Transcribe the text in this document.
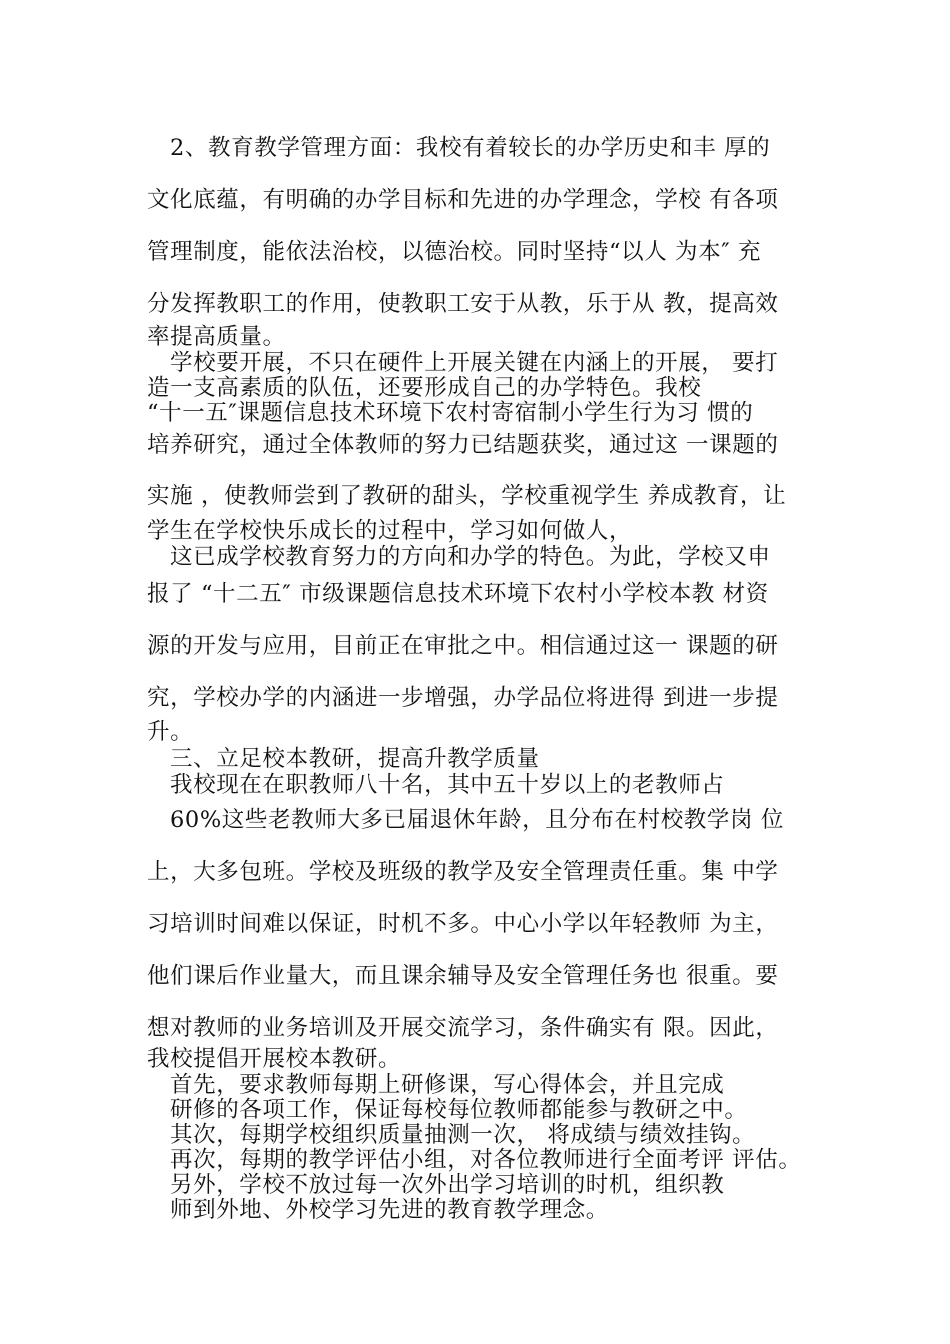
2、教育教学管理方面：我校有着较长的办学历史和丰 厚的
文化底蕴，有明确的办学目标和先进的办学理念，学校 有各项
管理制度，能依法治校，以德治校。同时坚持“以人 为本″ 充
分发挥教职工的作用，使教职工安于从教，乐于从 教，提高效
率提高质量。
学校要开展，不只在硬件上开展关键在内涵上的开展， 要打
造一支高素质的队伍，还要形成自己的办学特色。我校
“十一五″课题信息技术环境下农村寄宿制小学生行为习 惯的
培养研究，通过全体教师的努力已结题获奖，通过这 一课题的
实施 ，使教师尝到了教研的甜头，学校重视学生 养成教育，让
学生在学校快乐成长的过程中，学习如何做人，
这已成学校教育努力的方向和办学的特色。为此，学校又申
报了 “十二五″ 市级课题信息技术环境下农村小学校本教 材资
源的开发与应用，目前正在审批之中。相信通过这一 课题的研
究，学校办学的内涵进一步增强，办学品位将进得 到进一步提
升。
三、立足校本教研，提高升教学质量
我校现在在职教师八十名，其中五十岁以上的老教师占
60%这些老教师大多已届退休年龄，且分布在村校教学岗 位
上，大多包班。学校及班级的教学及安全管理责任重。集 中学
习培训时间难以保证，时机不多。中心小学以年轻教师 为主，
他们课后作业量大，而且课余辅导及安全管理任务也 很重。要
想对教师的业务培训及开展交流学习，条件确实有 限。因此，
我校提倡开展校本教研。
首先，要求教师每期上研修课，写心得体会，并且完成
研修的各项工作，保证每校每位教师都能参与教研之中。
其次，每期学校组织质量抽测一次， 将成绩与绩效挂钩。
再次，每期的教学评估小组，对各位教师进行全面考评 评估。
另外，学校不放过每一次外出学习培训的时机，组织教
师到外地、外校学习先进的教育教学理念。
